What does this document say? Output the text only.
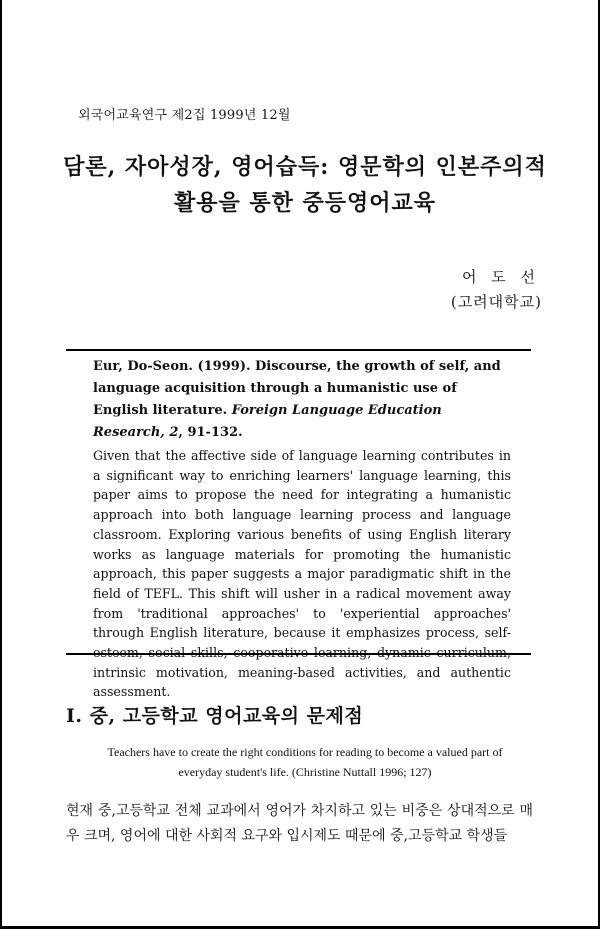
외국어교육연구 제2집 1999년 12월
담론, 자아성장, 영어습득: 영문학의 인본주의적
활용을 통한 중등영어교육
어 도 선
(고려대학교)
Eur, Do-Seon. (1999). Discourse, the growth of self, and language acquisition through a humanistic use of English literature. Foreign Language Education Research, 2, 91-132.
Given that the affective side of language learning contributes in a significant way to enriching learners' language learning, this paper aims to propose the need for integrating a humanistic approach into both language learning process and language classroom. Exploring various benefits of using English literary works as language materials for promoting the humanistic approach, this paper suggests a major paradigmatic shift in the field of TEFL. This shift will usher in a radical movement away from 'traditional approaches' to 'experiential approaches' through English literature, because it emphasizes process, self- intrinsic motivation, meaning-based activities, and authentic assessment.
I. 중, 고등학교 영어교육의 문제점
Teachers have to create the right conditions for reading to become a valued part of
everyday student's life. (Christine Nuttall 1996; 127)
현재 중,고등학교 전체 교과에서 영어가 차지하고 있는 비중은 상대적으로 매우 크며, 영어에 대한 사회적 요구와 입시제도 때문에 중,고등학교 학생들
